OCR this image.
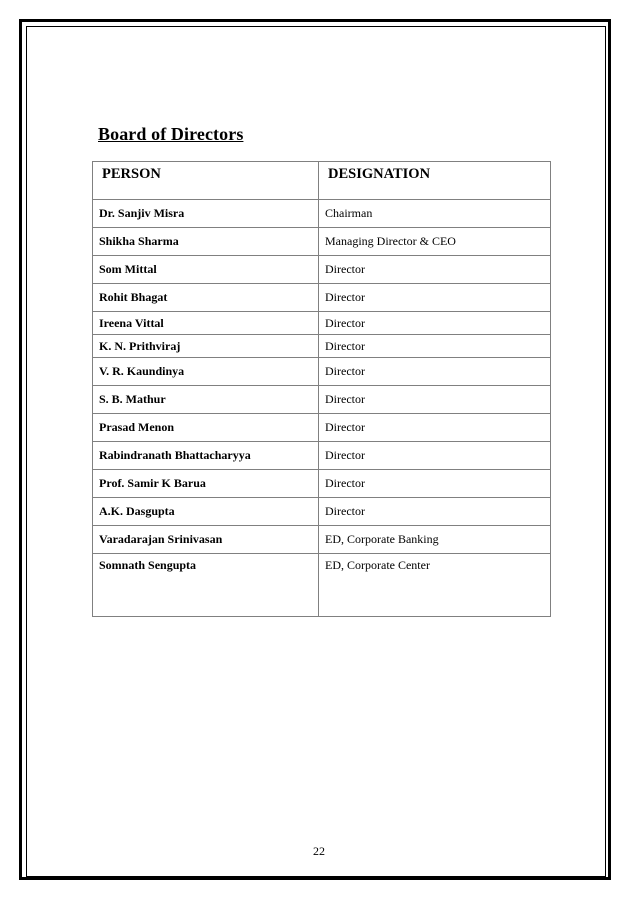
Board of Directors
PERSON	DESIGNATION

Dr. Sanjiv Misra	Chairman
Shikha Sharma	Managing Director & CEO
Som Mittal	Director
Rohit Bhagat	Director
Ireena Vittal	Director
K. N. Prithviraj	Director
V. R. Kaundinya	Director
S. B. Mathur	Director
Prasad Menon	Director
Rabindranath Bhattacharyya	Director
Prof. Samir K Barua	Director
A.K. Dasgupta	Director
Varadarajan Srinivasan	ED, Corporate Banking
Somnath Sengupta	ED, Corporate Center
22
